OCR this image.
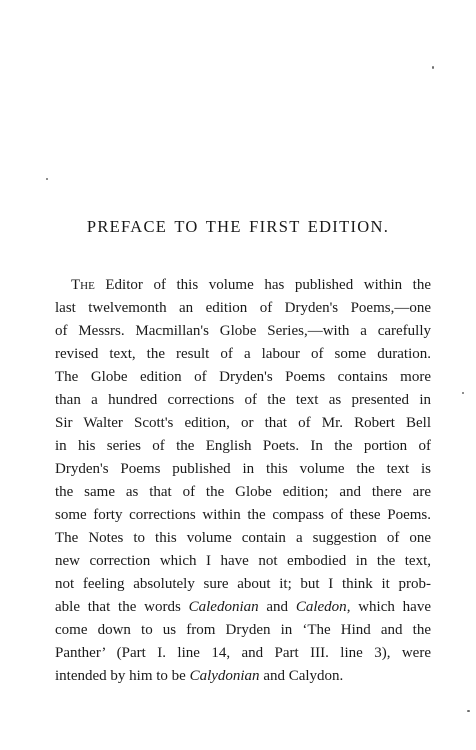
PREFACE TO THE FIRST EDITION.
The Editor of this volume has published within the
last twelvemonth an edition of Dryden's Poems,—one
of Messrs. Macmillan's Globe Series,—with a carefully
revised text, the result of a labour of some duration.
The Globe edition of Dryden's Poems contains more
than a hundred corrections of the text as presented in
Sir Walter Scott's edition, or that of Mr. Robert Bell
in his series of the English Poets. In the portion of
Dryden's Poems published in this volume the text is
the same as that of the Globe edition; and there are
some forty corrections within the compass of these Poems.
The Notes to this volume contain a suggestion of one
new correction which I have not embodied in the text,
not feeling absolutely sure about it; but I think it prob-
able that the words Caledonian and Caledon, which have
come down to us from Dryden in ‘The Hind and the
Panther’ (Part I. line 14, and Part III. line 3), were
intended by him to be Calydonian and Calydon.
